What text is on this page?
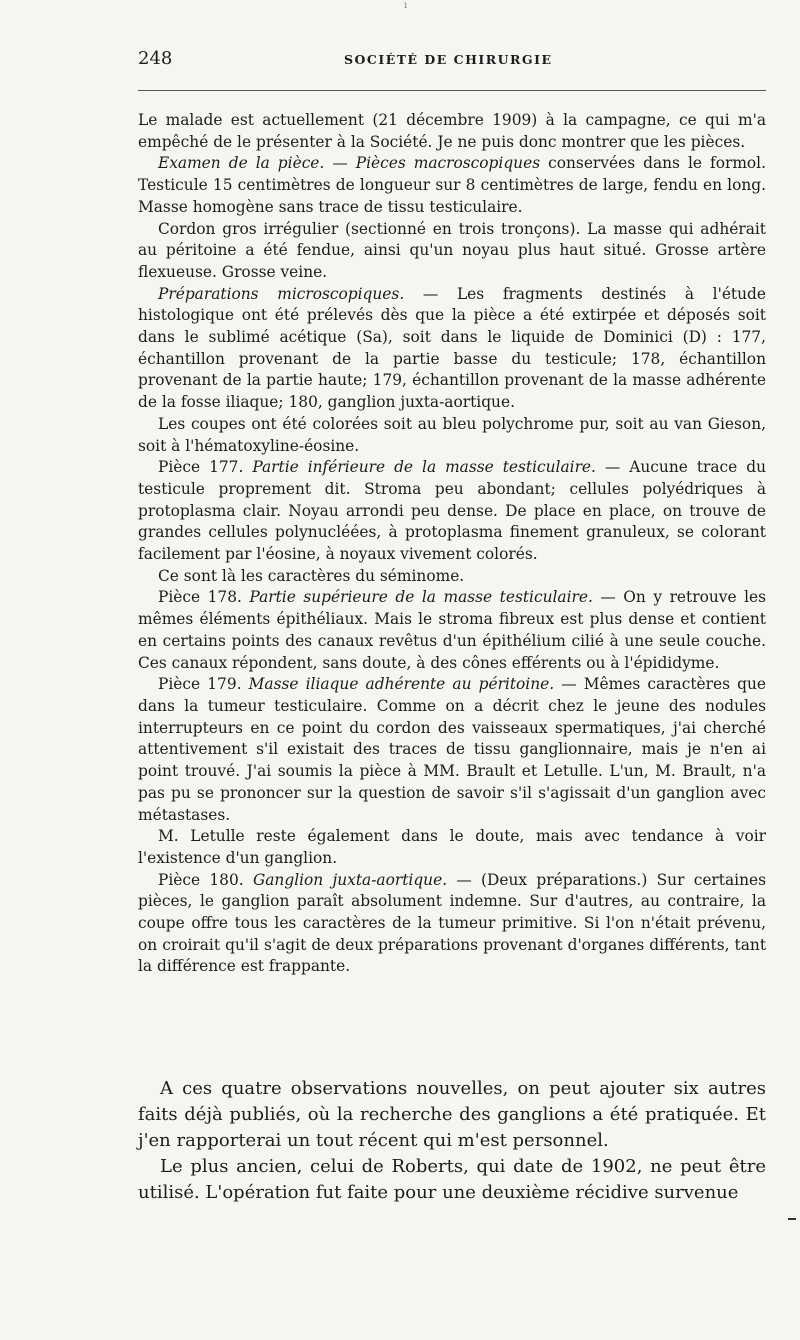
ı
248	SOCIÉTÉ DE CHIRURGIE

Le malade est actuellement (21 décembre 1909) à la campagne, ce qui m'a empêché de le présenter à la Société. Je ne puis donc montrer que les pièces.

Examen de la pièce. — Pièces macroscopiques conservées dans le formol. Testicule 15 centimètres de longueur sur 8 centimètres de large, fendu en long. Masse homogène sans trace de tissu testiculaire.

Cordon gros irrégulier (sectionné en trois tronçons). La masse qui adhérait au péritoine a été fendue, ainsi qu'un noyau plus haut situé. Grosse artère flexueuse. Grosse veine.

Préparations microscopiques. — Les fragments destinés à l'étude histologique ont été prélevés dès que la pièce a été extirpée et déposés soit dans le sublimé acétique (Sa), soit dans le liquide de Dominici (D) : 177, échantillon provenant de la partie basse du testicule; 178, échantillon provenant de la partie haute; 179, échantillon provenant de la masse adhérente de la fosse iliaque; 180, ganglion juxta-aortique.

Les coupes ont été colorées soit au bleu polychrome pur, soit au van Gieson, soit à l'hématoxyline-éosine.

Pièce 177. Partie inférieure de la masse testiculaire. — Aucune trace du testicule proprement dit. Stroma peu abondant; cellules polyédriques à protoplasma clair. Noyau arrondi peu dense. De place en place, on trouve de grandes cellules polynucléées, à protoplasma finement granuleux, se colorant facilement par l'éosine, à noyaux vivement colorés.

Ce sont là les caractères du séminome.

Pièce 178. Partie supérieure de la masse testiculaire. — On y retrouve les mêmes éléments épithéliaux. Mais le stroma fibreux est plus dense et contient en certains points des canaux revêtus d'un épithélium cilié à une seule couche. Ces canaux répondent, sans doute, à des cônes efférents ou à l'épididyme.

Pièce 179. Masse iliaque adhérente au péritoine. — Mêmes caractères que dans la tumeur testiculaire. Comme on a décrit chez le jeune des nodules interrupteurs en ce point du cordon des vaisseaux spermatiques, j'ai cherché attentivement s'il existait des traces de tissu ganglionnaire, mais je n'en ai point trouvé. J'ai soumis la pièce à MM. Brault et Letulle. L'un, M. Brault, n'a pas pu se prononcer sur la question de savoir s'il s'agissait d'un ganglion avec métastases.

M. Letulle reste également dans le doute, mais avec tendance à voir l'existence d'un ganglion.

Pièce 180. Ganglion juxta-aortique. — (Deux préparations.) Sur certaines pièces, le ganglion paraît absolument indemne. Sur d'autres, au contraire, la coupe offre tous les caractères de la tumeur primitive. Si l'on n'était prévenu, on croirait qu'il s'agit de deux préparations provenant d'organes différents, tant la différence est frappante.

A ces quatre observations nouvelles, on peut ajouter six autres faits déjà publiés, où la recherche des ganglions a été pratiquée. Et j'en rapporterai un tout récent qui m'est personnel.

Le plus ancien, celui de Roberts, qui date de 1902, ne peut être utilisé. L'opération fut faite pour une deuxième récidive survenue
